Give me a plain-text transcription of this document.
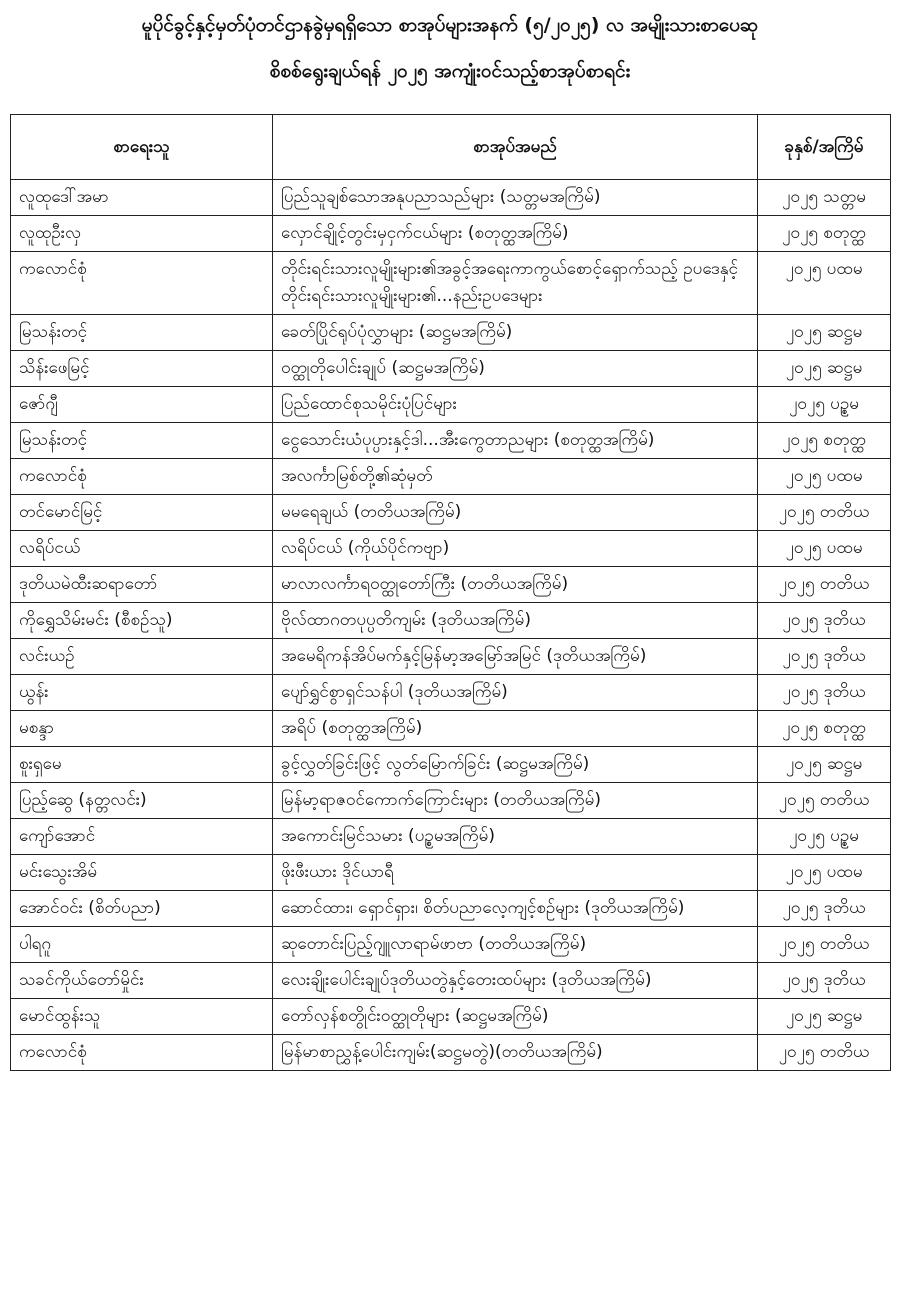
မူပိုင်ခွင့်နှင့်မှတ်ပုံတင်ဌာနခွဲမှရရှိသော စာအုပ်များအနက် (၅/၂၀၂၅) လ အမျိုးသားစာပေဆု
စိစစ်ရွေးချယ်ရန် ၂၀၂၅ အကျုံးဝင်သည့်စာအုပ်စာရင်း
စာရေးသူ	စာအုပ်အမည်	ခုနှစ်/အကြိမ်
လူထုဒေါ်အမာ	ပြည်သူချစ်သောအနုပညာသည်များ (သတ္တမအကြိမ်)	၂၀၂၅ သတ္တမ
လူထုဦးလှ	လှောင်ချိုင့်တွင်းမှငှက်ငယ်များ (စတုတ္ထအကြိမ်)	၂၀၂၅ စတုတ္ထ
ကလောင်စုံ	တိုင်းရင်းသားလူမျိုးများ၏အခွင့်အရေးကာကွယ်စောင့်ရှောက်သည့် ဥပဒေနှင့်တိုင်းရင်းသားလူမျိုးများ၏...နည်းဥပဒေများ	၂၀၂၅ ပထမ
မြသန်းတင့်	ခေတ်ပြိုင်ရုပ်ပုံလွှာများ (ဆဋ္ဌမအကြိမ်)	၂၀၂၅ ဆဋ္ဌမ
သိန်းဖေမြင့်	ဝတ္ထုတိုပေါင်းချုပ် (ဆဋ္ဌမအကြိမ်)	၂၀၂၅ ဆဋ္ဌမ
ဇော်ဂျီ	ပြည်ထောင်စုသမိုင်းပုံပြင်များ	၂၀၂၅ ပဉ္စမ
မြသန်းတင့်	ငွေသောင်းယံပုပ္ပားနှင့်ဒါ...အီးကွေတာညများ (စတုတ္ထအကြိမ်)	၂၀၂၅ စတုတ္ထ
ကလောင်စုံ	အလင်္ကာမြစ်တို့၏ဆုံမှတ်	၂၀၂၅ ပထမ
တင်မောင်မြင့်	မမရေချယ် (တတိယအကြိမ်)	၂၀၂၅ တတိယ
လရိပ်ငယ်	လရိပ်ငယ် (ကိုယ်ပိုင်ကဗျာ)	၂၀၂၅ ပထမ
ဒုတိယမဲထီးဆရာတော်	မာလာလင်္ကာရဝတ္ထုတော်ကြီး (တတိယအကြိမ်)	၂၀၂၅ တတိယ
ကိုရွှေသိမ်းမင်း (စီစဉ်သူ)	ဗိုလ်ထာဂတပုပ္ပတိကျမ်း (ဒုတိယအကြိမ်)	၂၀၂၅ ဒုတိယ
လင်းယဉ်	အမေရိကန်အိပ်မက်နှင့်မြန်မာ့အမြော်အမြင် (ဒုတိယအကြိမ်)	၂၀၂၅ ဒုတိယ
ယွန်း	ပျော်ရွှင်စွာရှင်သန်ပါ (ဒုတိယအကြိမ်)	၂၀၂၅ ဒုတိယ
မစန္ဒာ	အရိပ် (စတုတ္ထအကြိမ်)	၂၀၂၅ စတုတ္ထ
စူးရှမေ	ခွင့်လွှတ်ခြင်းဖြင့် လွတ်မြောက်ခြင်း (ဆဋ္ဌမအကြိမ်)	၂၀၂၅ ဆဋ္ဌမ
ပြည့်ဆွေ (နတ္တလင်း)	မြန်မာ့ရာဇဝင်ကောက်ကြောင်းများ (တတိယအကြိမ်)	၂၀၂၅ တတိယ
ကျော်အောင်	အကောင်းမြင်သမား (ပဉ္စမအကြိမ်)	၂၀၂၅ ပဉ္စမ
မင်းသွေးအိမ်	ဖိုးဖီးယား ဒိုင်ယာရီ	၂၀၂၅ ပထမ
အောင်ဝင်း (စိတ်ပညာ)	ဆောင်ထား၊ ရှောင်ရှား၊ စိတ်ပညာလေ့ကျင့်စဉ်များ (ဒုတိယအကြိမ်)	၂၀၂၅ ဒုတိယ
ပါရဂူ	ဆုတောင်းပြည့်ဂျူလာရာမ်ဖာဗာ (တတိယအကြိမ်)	၂၀၂၅ တတိယ
သခင်ကိုယ်တော်မှိုင်း	လေးချိုးပေါင်းချုပ်ဒုတိယတွဲနှင့်တေးထပ်များ (ဒုတိယအကြိမ်)	၂၀၂၅ ဒုတိယ
မောင်ထွန်းသူ	တော်လှန်စတွိုင်းဝတ္ထုတိုများ (ဆဋ္ဌမအကြိမ်)	၂၀၂၅ ဆဋ္ဌမ
ကလောင်စုံ	မြန်မာစာညွှန့်ပေါင်းကျမ်း(ဆဋ္ဌမတွဲ)(တတိယအကြိမ်)	၂၀၂၅ တတိယ
